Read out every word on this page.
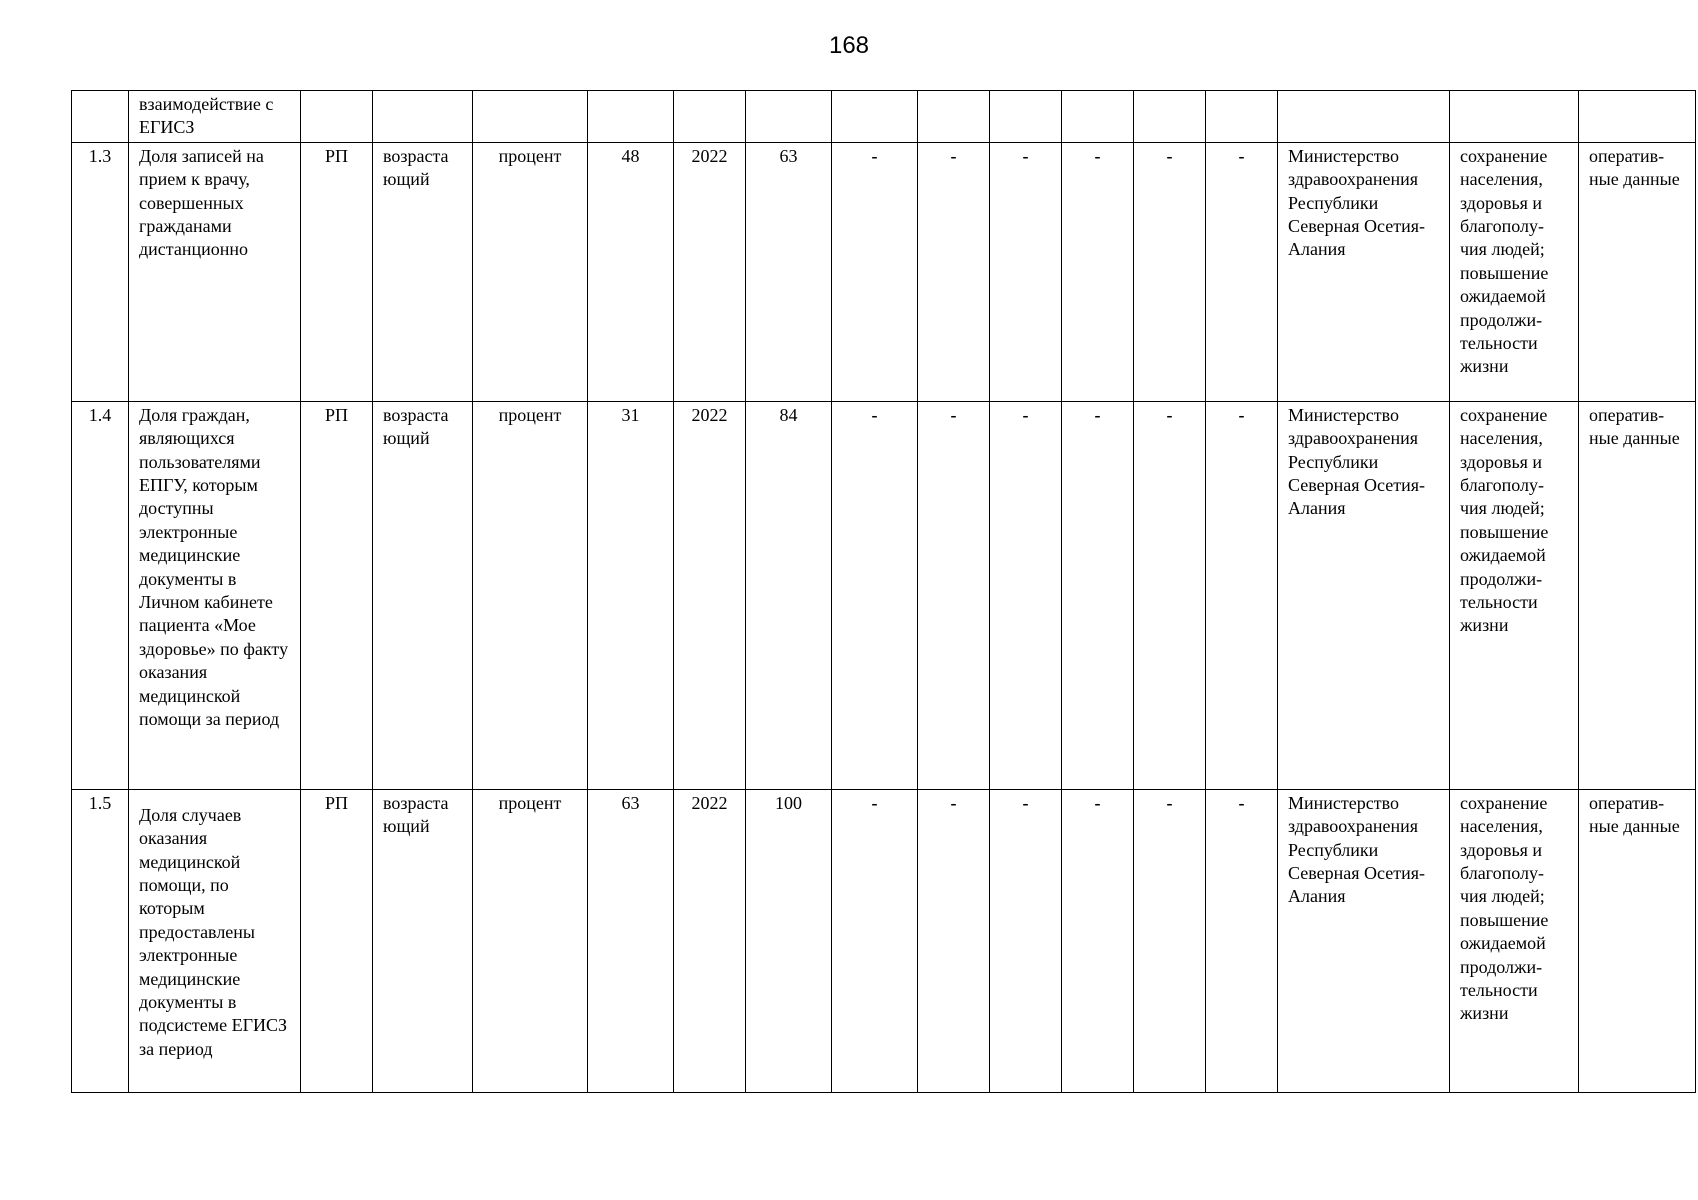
168
	взаимодействие с ЕГИСЗ															
1.3	Доля записей на прием к врачу, совершенных гражданами дистанционно	РП	возраста ющий	процент	48	2022	63	-	-	-	-	-	-	Министерство здравоохранения Республики Северная Осетия-Алания	сохранение населения, здоровья и благополу-чия людей; повышение ожидаемой продолжи-тельности жизни	оператив-ные данные
1.4	Доля граждан, являющихся пользователями ЕПГУ, которым доступны электронные медицинские документы в Личном кабинете пациента «Мое здоровье» по факту оказания медицинской помощи за период	РП	возраста ющий	процент	31	2022	84	-	-	-	-	-	-	Министерство здравоохранения Республики Северная Осетия-Алания	сохранение населения, здоровья и благополу-чия людей; повышение ожидаемой продолжи-тельности жизни	оператив-ные данные
1.5	Доля случаев оказания медицинской помощи, по которым предоставлены электронные медицинские документы в подсистеме ЕГИСЗ за период	РП	возраста ющий	процент	63	2022	100	-	-	-	-	-	-	Министерство здравоохранения Республики Северная Осетия-Алания	сохранение населения, здоровья и благополу-чия людей; повышение ожидаемой продолжи-тельности жизни	оператив-ные данные
